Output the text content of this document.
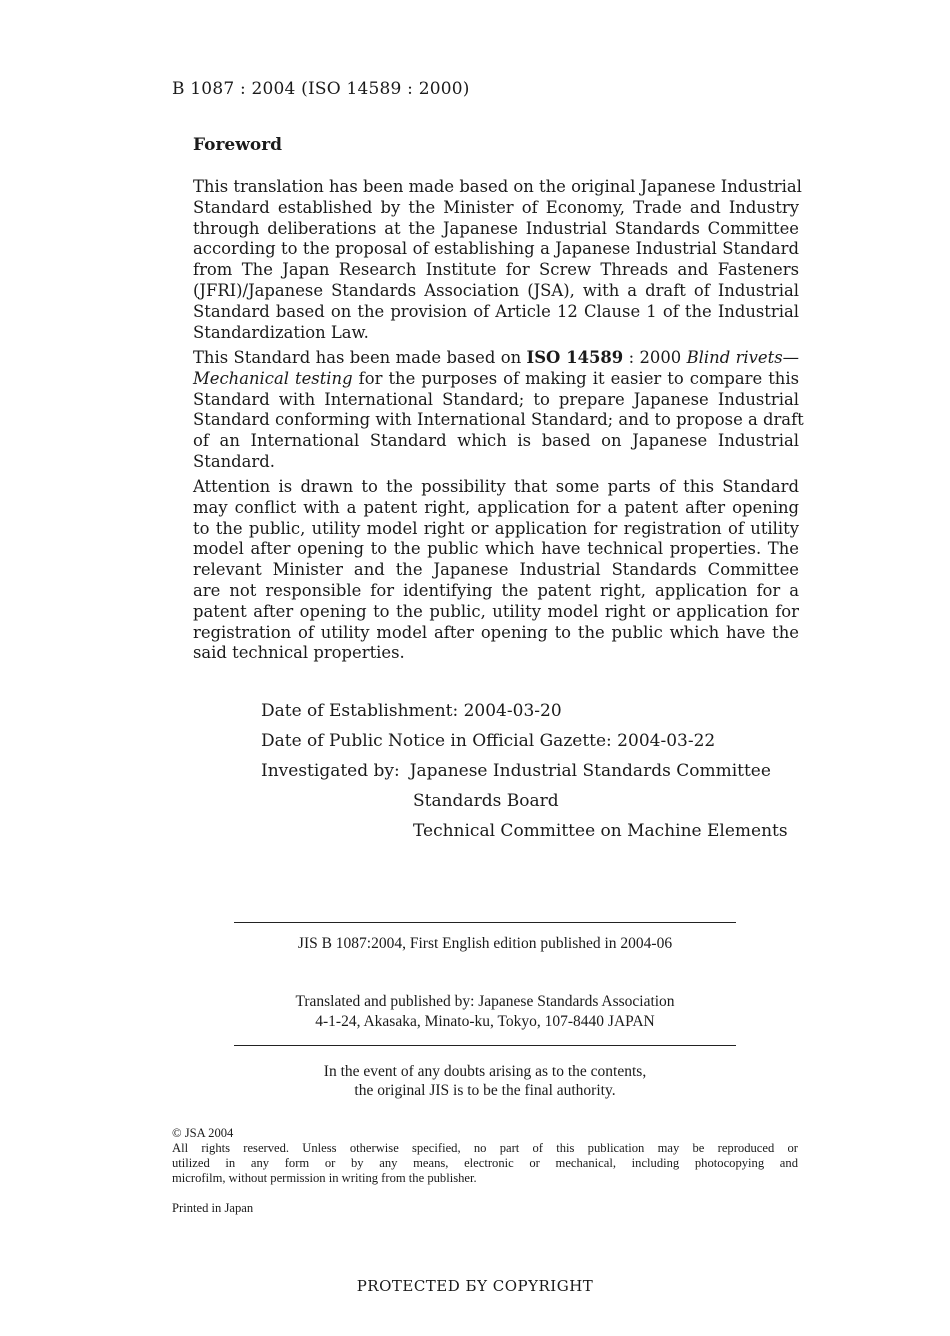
B 1087 : 2004 (ISO 14589 : 2000)
Foreword
This translation has been made based on the original Japanese Industrial
Standard established by the Minister of Economy, Trade and Industry
through deliberations at the Japanese Industrial Standards Committee
according to the proposal of establishing a Japanese Industrial Standard
from The Japan Research Institute for Screw Threads and Fasteners
(JFRI)/Japanese Standards Association (JSA), with a draft of Industrial
Standard based on the provision of Article 12 Clause 1 of the Industrial
Standardization Law.
This Standard has been made based on ISO 14589 : 2000 Blind rivets—
Mechanical testing for the purposes of making it easier to compare this
Standard with International Standard; to prepare Japanese Industrial
Standard conforming with International Standard; and to propose a draft
of an International Standard which is based on Japanese Industrial
Standard.
Attention is drawn to the possibility that some parts of this Standard
may conflict with a patent right, application for a patent after opening
to the public, utility model right or application for registration of utility
model after opening to the public which have technical properties. The
relevant Minister and the Japanese Industrial Standards Committee
are not responsible for identifying the patent right, application for a
patent after opening to the public, utility model right or application for
registration of utility model after opening to the public which have the
said technical properties.
Date of Establishment: 2004-03-20
Date of Public Notice in Official Gazette: 2004-03-22
Investigated by: Japanese Industrial Standards Committee
Standards Board
Technical Committee on Machine Elements
JIS B 1087:2004, First English edition published in 2004-06
Translated and published by: Japanese Standards Association
4-1-24, Akasaka, Minato-ku, Tokyo, 107-8440 JAPAN
In the event of any doubts arising as to the contents,
the original JIS is to be the final authority.
© JSA 2004
All rights reserved. Unless otherwise specified, no part of this publication may be reproduced or
utilized in any form or by any means, electronic or mechanical, including photocopying and
microfilm, without permission in writing from the publisher.
Printed in Japan
PROTECTED БY COPYRIGHT
